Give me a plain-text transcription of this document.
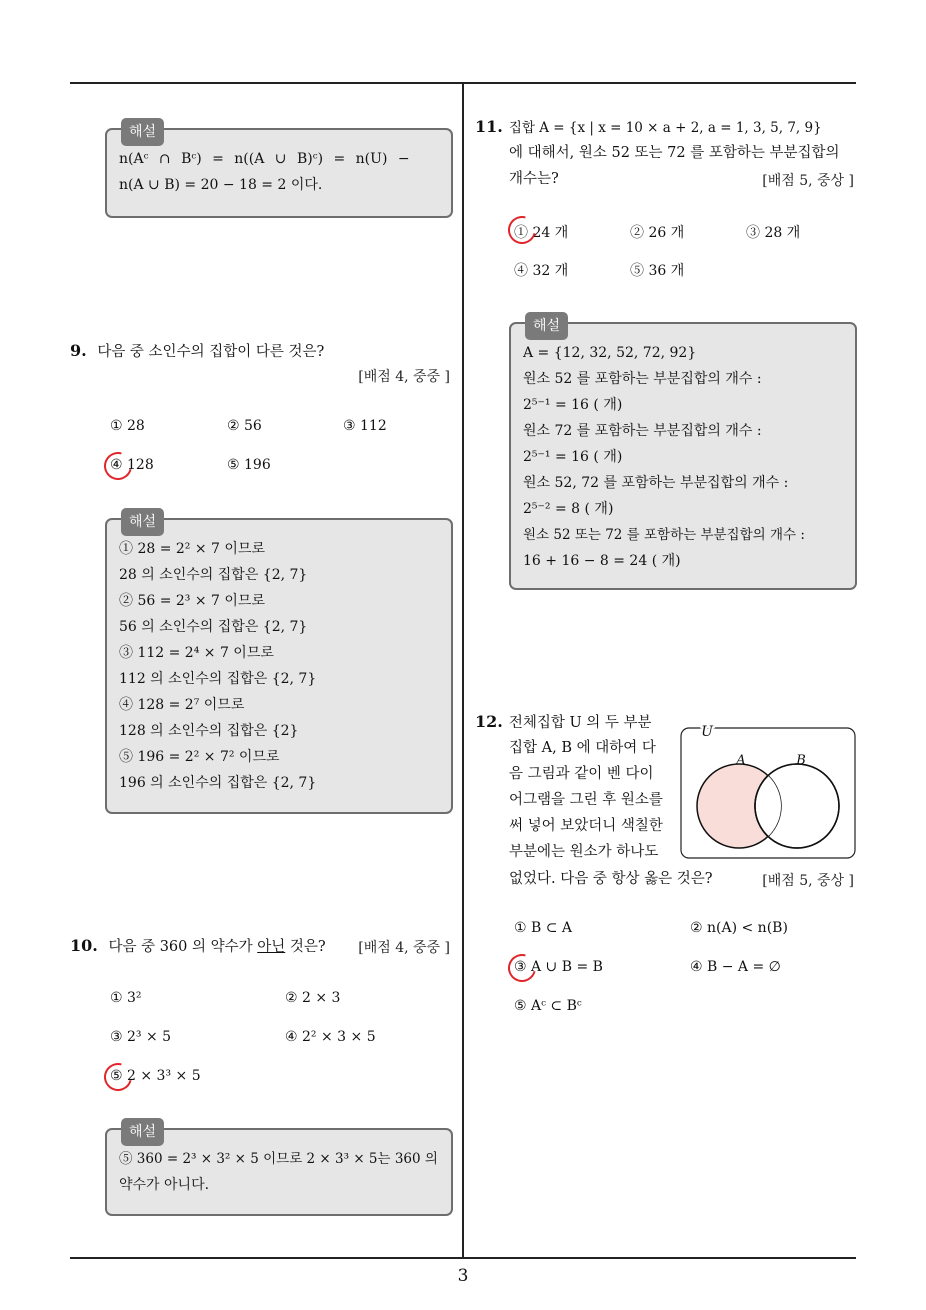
해설
n(Aᶜ ∩ Bᶜ) = n((A ∪ B)ᶜ) = n(U) −
n(A ∪ B) = 20 − 18 = 2 이다.
9. 다음 중 소인수의 집합이 다른 것은?
[배점 4, 중중 ]
① 28	② 56	③ 112
④ 128	⑤ 196
해설
① 28 = 2² × 7 이므로
28 의 소인수의 집합은 {2, 7}
② 56 = 2³ × 7 이므로
56 의 소인수의 집합은 {2, 7}
③ 112 = 2⁴ × 7 이므로
112 의 소인수의 집합은 {2, 7}
④ 128 = 2⁷ 이므로
128 의 소인수의 집합은 {2}
⑤ 196 = 2² × 7² 이므로
196 의 소인수의 집합은 {2, 7}
10. 다음 중 360 의 약수가 아닌 것은?	[배점 4, 중중 ]
① 3²	② 2 × 3
③ 2³ × 5	④ 2² × 3 × 5
⑤ 2 × 3³ × 5
해설
⑤ 360 = 2³ × 3² × 5 이므로 2 × 3³ × 5는 360 의
약수가 아니다.
11. 집합 A = {x | x = 10 × a + 2, a = 1, 3, 5, 7, 9}
에 대해서, 원소 52 또는 72 를 포함하는 부분집합의
개수는?	[배점 5, 중상 ]
① 24 개	② 26 개	③ 28 개
④ 32 개	⑤ 36 개
해설
A = {12, 32, 52, 72, 92}
원소 52 를 포함하는 부분집합의 개수 :
2⁵⁻¹ = 16 ( 개)
원소 72 를 포함하는 부분집합의 개수 :
2⁵⁻¹ = 16 ( 개)
원소 52, 72 를 포함하는 부분집합의 개수 :
2⁵⁻² = 8 ( 개)
원소 52 또는 72 를 포함하는 부분집합의 개수 :
16 + 16 − 8 = 24 ( 개)
12. 전체집합 U 의 두 부분
집합 A, B 에 대하여 다
음 그림과 같이 벤 다이
어그램을 그린 후 원소를
써 넣어 보았더니 색칠한
부분에는 원소가 하나도
없었다. 다음 중 항상 옳은 것은?	[배점 5, 중상 ]
U
A	B
① B ⊂ A	② n(A) < n(B)
③ A ∪ B = B	④ B − A = ∅
⑤ Aᶜ ⊂ Bᶜ
3
